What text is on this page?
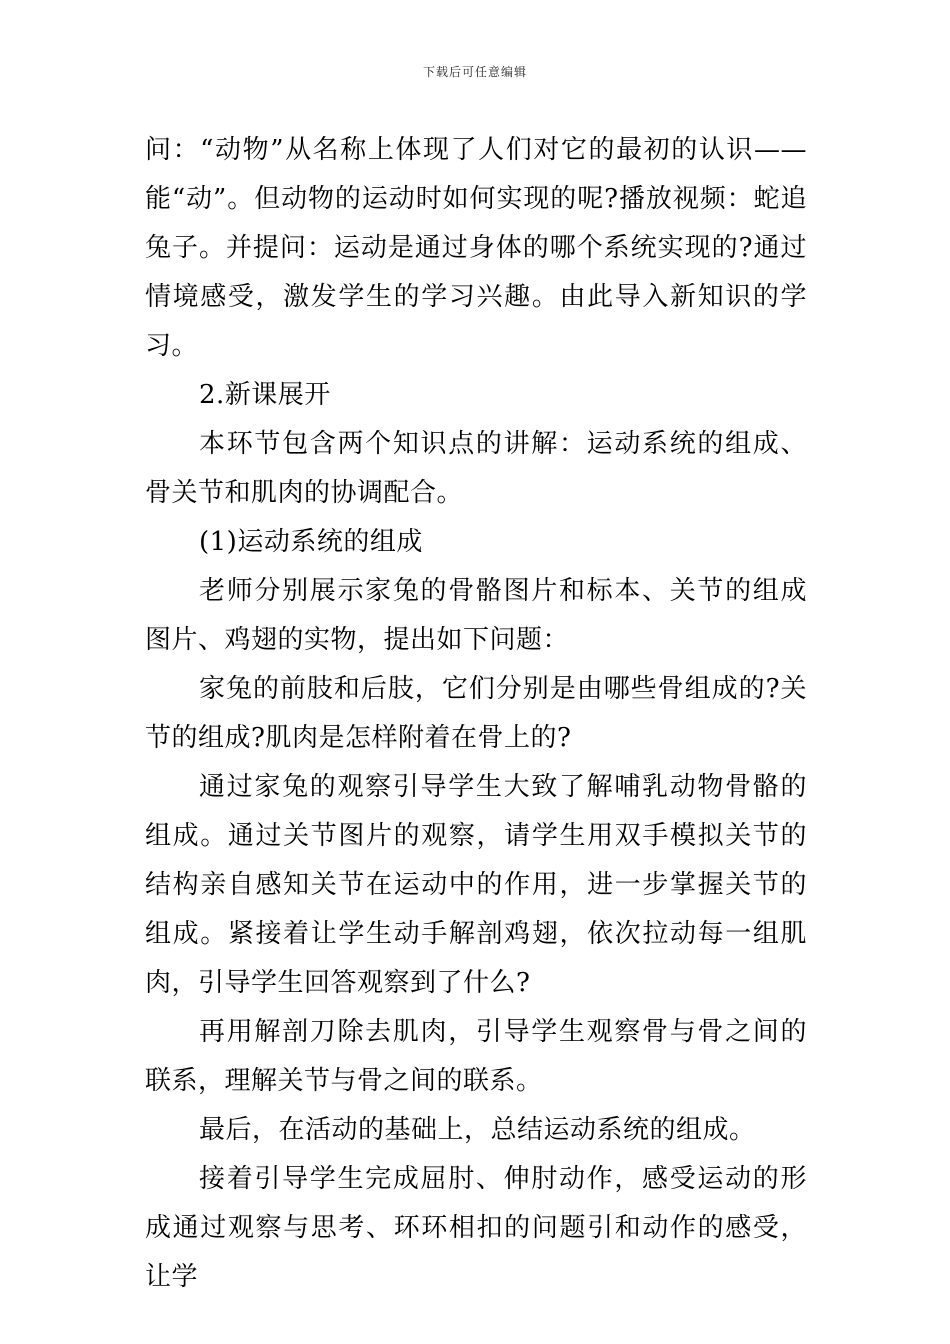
下载后可任意编辑

问：“动物”从名称上体现了人们对它的最初的认识——能“动”。但动物的运动时如何实现的呢?播放视频：蛇追兔子。并提问：运动是通过身体的哪个系统实现的?通过情境感受，激发学生的学习兴趣。由此导入新知识的学习。

2.新课展开

本环节包含两个知识点的讲解：运动系统的组成、骨关节和肌肉的协调配合。

(1)运动系统的组成

老师分别展示家兔的骨骼图片和标本、关节的组成图片、鸡翅的实物，提出如下问题：

家兔的前肢和后肢，它们分别是由哪些骨组成的?关节的组成?肌肉是怎样附着在骨上的?

通过家兔的观察引导学生大致了解哺乳动物骨骼的组成。通过关节图片的观察，请学生用双手模拟关节的结构亲自感知关节在运动中的作用，进一步掌握关节的组成。紧接着让学生动手解剖鸡翅，依次拉动每一组肌肉，引导学生回答观察到了什么?

再用解剖刀除去肌肉，引导学生观察骨与骨之间的联系，理解关节与骨之间的联系。

最后，在活动的基础上，总结运动系统的组成。

接着引导学生完成屈肘、伸肘动作，感受运动的形成通过观察与思考、环环相扣的问题引和动作的感受，让学
